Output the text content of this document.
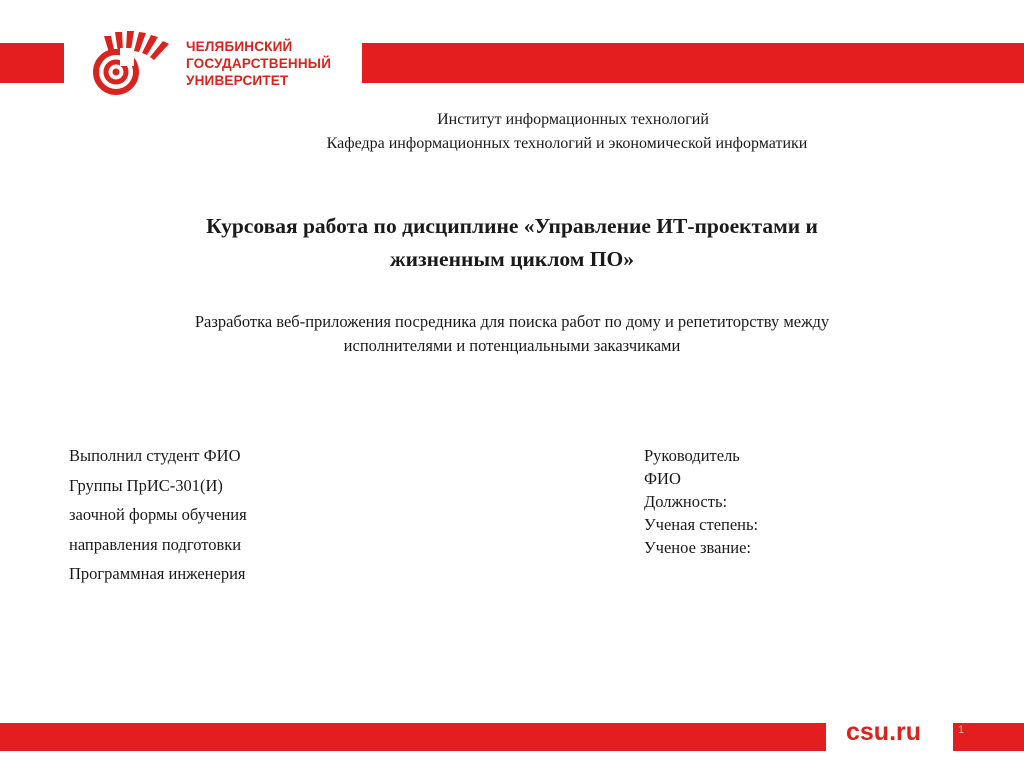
ЧЕЛЯБИНСКИЙ
ГОСУДАРСТВЕННЫЙ
УНИВЕРСИТЕТ
Институт информационных технологий
Кафедра информационных технологий и экономической информатики
Курсовая работа по дисциплине «Управление ИТ-проектами и
жизненным циклом ПО»
Разработка веб-приложения посредника для поиска работ по дому и репетиторству между
исполнителями и потенциальными заказчиками
Выполнил студент ФИО
Группы ПрИС-301(И)
заочной формы обучения
направления подготовки
Программная инженерия
Руководитель
ФИО
Должность:
Ученая степень:
Ученое звание:
csu.ru	1
